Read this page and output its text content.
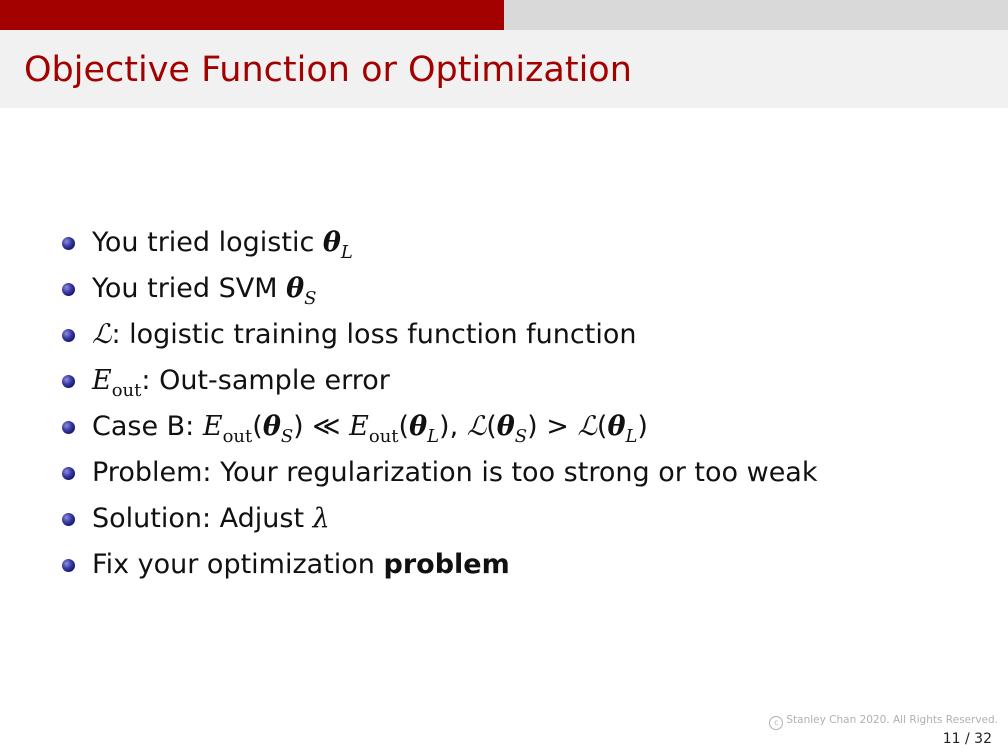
Objective Function or Optimization
You tried logistic $\theta_L$
You tried SVM $\theta_S$
ℒ: logistic training loss function function
$E_{out}$: Out-sample error
Case B: $E_{out}(\theta_S)$ ≪ $E_{out}(\theta_L)$, $ℒ(\theta_S)$ > $ℒ(\theta_L)$
Problem: Your regularization is too strong or too weak
Solution: Adjust λ
Fix your optimization problem
c Stanley Chan 2020. All Rights Reserved.
11 / 32
